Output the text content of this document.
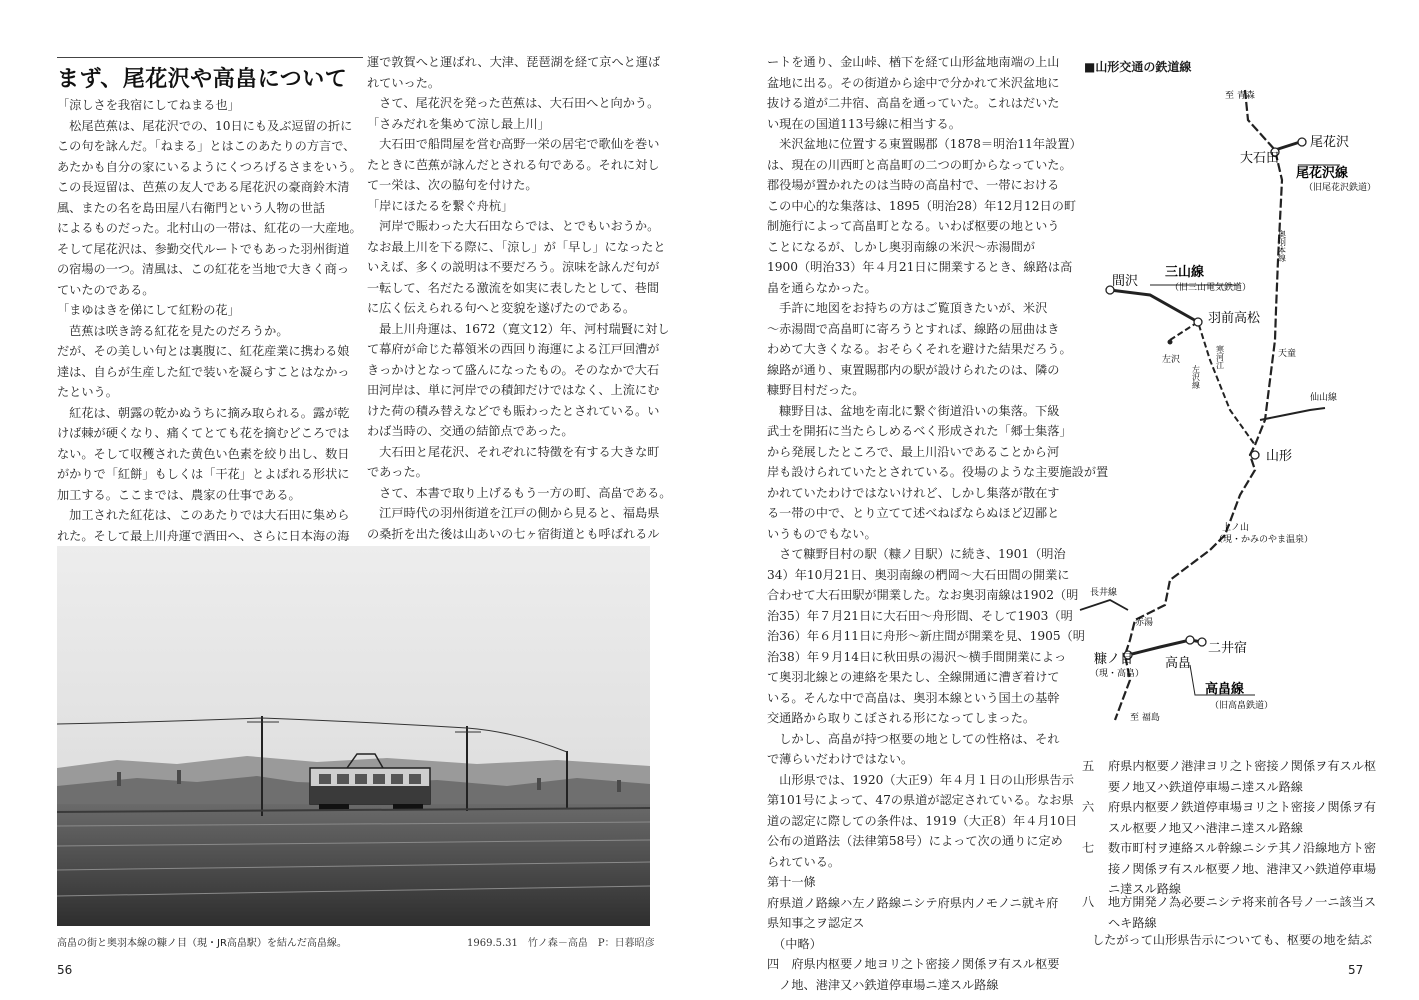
まず、尾花沢や高畠について

「涼しさを我宿にしてねまる也」

　松尾芭蕉は、尾花沢での、10日にも及ぶ逗留の折に

この句を詠んだ。「ねまる」とはこのあたりの方言で、

あたかも自分の家にいるようにくつろげるさまをいう。

この長逗留は、芭蕉の友人である尾花沢の豪商鈴木清

風、またの名を島田屋八右衛門という人物の世話

によるものだった。北村山の一帯は、紅花の一大産地。

そして尾花沢は、参勤交代ルートでもあった羽州街道

の宿場の一つ。清風は、この紅花を当地で大きく商っ

ていたのである。

「まゆはきを俤にして紅粉の花」

　芭蕉は咲き誇る紅花を見たのだろうか。

だが、その美しい句とは裏腹に、紅花産業に携わる娘

達は、自らが生産した紅で装いを凝らすことはなかっ

たという。

　紅花は、朝露の乾かぬうちに摘み取られる。露が乾

けば棘が硬くなり、痛くてとても花を摘むどころでは

ない。そして収穫された黄色い色素を絞り出し、数日

がかりで「紅餅」もしくは「干花」とよばれる形状に

加工する。ここまでは、農家の仕事である。

　加工された紅花は、このあたりでは大石田に集めら

れた。そして最上川舟運で酒田へ、さらに日本海の海

運で敦賀へと運ばれ、大津、琵琶湖を経て京へと運ば

れていった。

　さて、尾花沢を発った芭蕉は、大石田へと向かう。

「さみだれを集めて涼し最上川」

　大石田で船問屋を営む高野一栄の居宅で歌仙を巻い

たときに芭蕉が詠んだとされる句である。それに対し

て一栄は、次の脇句を付けた。

「岸にほたるを繋ぐ舟杭」

　河岸で賑わった大石田ならでは、とでもいおうか。

なお最上川を下る際に、「涼し」が「早し」になったと

いえば、多くの説明は不要だろう。涼味を詠んだ句が

一転して、名だたる激流を如実に表したとして、巷間

に広く伝えられる句へと変貌を遂げたのである。

　最上川舟運は、1672（寛文12）年、河村瑞賢に対し

て幕府が命じた幕領米の西回り海運による江戸回漕が

きっかけとなって盛んになったもの。そのなかで大石

田河岸は、単に河岸での積卸だけではなく、上流にむ

けた荷の積み替えなどでも賑わったとされている。い

わば当時の、交通の結節点であった。

　大石田と尾花沢、それぞれに特徴を有する大きな町

であった。

　さて、本書で取り上げるもう一方の町、高畠である。

　江戸時代の羽州街道を江戸の側から見ると、福島県

の桑折を出た後は山あいの七ヶ宿街道とも呼ばれるル

高畠の街と奥羽本線の糠ノ目（現・JR高畠駅）を結んだ高畠線。	1969.5.31　竹ノ森－高畠　P：日暮昭彦
56

ートを通り、金山峠、楢下を経て山形盆地南端の上山

盆地に出る。その街道から途中で分かれて米沢盆地に

抜ける道が二井宿、高畠を通っていた。これはだいた

い現在の国道113号線に相当する。

　米沢盆地に位置する東置賜郡（1878＝明治11年設置）

は、現在の川西町と高畠町の二つの町からなっていた。

郡役場が置かれたのは当時の高畠村で、一帯における

この中心的な集落は、1895（明治28）年12月12日の町

制施行によって高畠町となる。いわば枢要の地という

ことになるが、しかし奥羽南線の米沢～赤湯間が

1900（明治33）年４月21日に開業するとき、線路は高

畠を通らなかった。

　手許に地図をお持ちの方はご覧頂きたいが、米沢

～赤湯間で高畠町に寄ろうとすれば、線路の屈曲はき

わめて大きくなる。おそらくそれを避けた結果だろう。

線路が通り、東置賜郡内の駅が設けられたのは、隣の

糠野目村だった。

　糠野目は、盆地を南北に繋ぐ街道沿いの集落。下級

武士を開拓に当たらしめるべく形成された「郷士集落」

から発展したところで、最上川沿いであることから河

岸も設けられていたとされている。役場のような主要施設が置

かれていたわけではないけれど、しかし集落が散在す

る一帯の中で、とり立てて述べねばならぬほど辺鄙と

いうものでもない。

　さて糠野目村の駅（糠ノ目駅）に続き、1901（明治

34）年10月21日、奥羽南線の椚岡～大石田間の開業に

合わせて大石田駅が開業した。なお奥羽南線は1902（明

治35）年７月21日に大石田～舟形間、そして1903（明

治36）年６月11日に舟形～新庄間が開業を見、1905（明

治38）年９月14日に秋田県の湯沢～横手間開業によっ

て奥羽北線との連絡を果たし、全線開通に漕ぎ着けて

いる。そんな中で高畠は、奥羽本線という国土の基幹

交通路から取りこぼされる形になってしまった。

　しかし、高畠が持つ枢要の地としての性格は、それ

で薄らいだわけではない。

　山形県では、1920（大正9）年４月１日の山形県告示

第101号によって、47の県道が認定されている。なお県

道の認定に際しての条件は、1919（大正8）年４月10日

公布の道路法（法律第58号）によって次の通りに定め

られている。

第十一條

府県道ノ路線ハ左ノ路線ニシテ府県内ノモノニ就キ府

県知事之ヲ認定ス

　（中略）

四　府県内枢要ノ地ヨリ之ト密接ノ関係ヲ有スル枢要

　ノ地、港津又ハ鉄道停車場ニ達スル路線

■山形交通の鉄道線
至 青森
尾花沢
大石田
尾花沢線
（旧尾花沢鉄道）
奥羽本線
間沢
三山線
（旧三山電気鉄道）
羽前高松
左沢	寒河江
左沢線
天童
仙山線
山形
上ノ山
（現・かみのやま温泉）
長井線
赤湯
糠ノ目
（現・高畠）
高畠
二井宿
高畠線
（旧高畠鉄道）
至 福島
五	府県内枢要ノ港津ヨリ之ト密接ノ関係ヲ有スル枢

要ノ地又ハ鉄道停車場ニ達スル路線

六	府県内枢要ノ鉄道停車場ヨリ之ト密接ノ関係ヲ有

スル枢要ノ地又ハ港津ニ達スル路線

七	数市町村ヲ連絡スル幹線ニシテ其ノ沿線地方ト密

接ノ関係ヲ有スル枢要ノ地、港津又ハ鉄道停車場

ニ達スル路線

八	地方開発ノ為必要ニシテ将来前各号ノ一ニ該当ス

ヘキ路線

したがって山形県告示についても、枢要の地を結ぶ
57
